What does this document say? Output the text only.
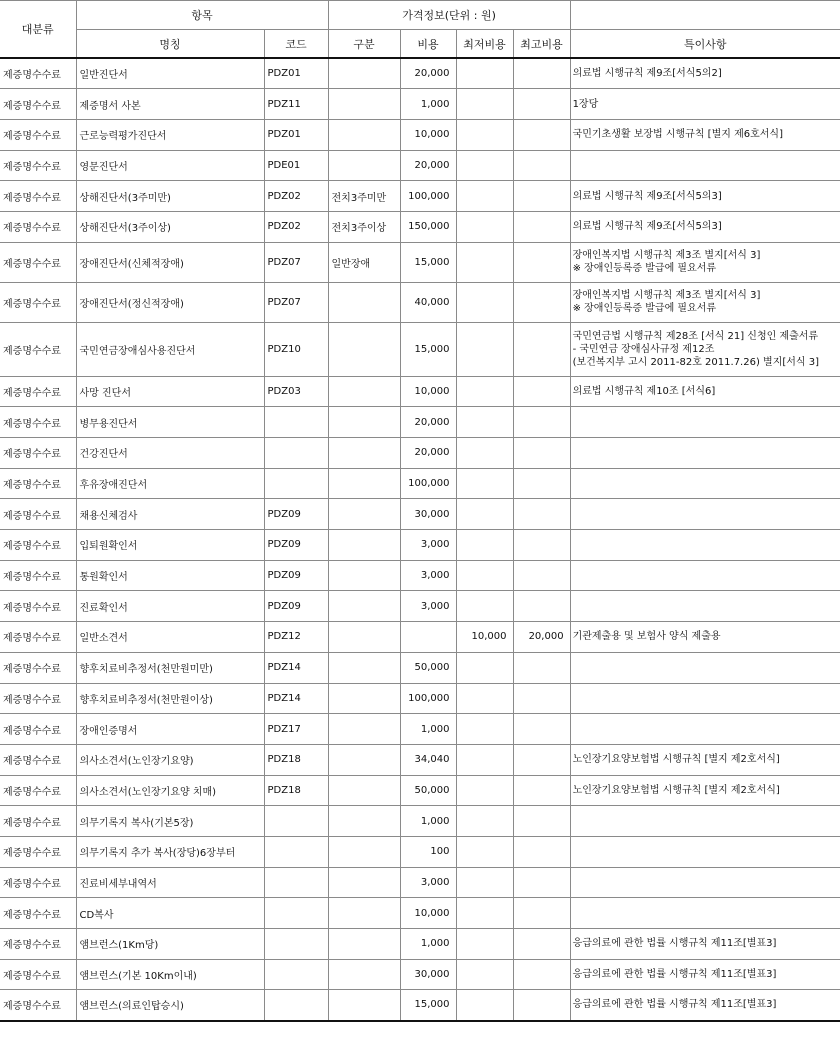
대분류	항목		가격정보(단위 : 원)				
	명칭	코드	구분	비용	최저비용	최고비용	특이사항
제증명수수료	일반진단서	PDZ01		20,000			의료법 시행규칙 제9조[서식5의2]
제증명수수료	제증명서 사본	PDZ11		1,000			1장당
제증명수수료	근로능력평가진단서	PDZ01		10,000			국민기초생활 보장법 시행규칙 [별지 제6호서식]
제증명수수료	영문진단서	PDE01		20,000			
제증명수수료	상해진단서(3주미만)	PDZ02	전치3주미만	100,000			의료법 시행규칙 제9조[서식5의3]
제증명수수료	상해진단서(3주이상)	PDZ02	전치3주이상	150,000			의료법 시행규칙 제9조[서식5의3]
제증명수수료	장애진단서(신체적장애)	PDZ07	일반장애	15,000			장애인복지법 시행규칙 제3조 별지[서식 3]
※ 장애인등록증 발급에 필요서류
제증명수수료	장애진단서(정신적장애)	PDZ07		40,000			장애인복지법 시행규칙 제3조 별지[서식 3]
※ 장애인등록증 발급에 필요서류
제증명수수료	국민연금장애심사용진단서	PDZ10		15,000			국민연금법 시행규칙 제28조 [서식 21] 신청인 제출서류
- 국민연금 장애심사규정 제12조
(보건복지부 고시 2011-82호 2011.7.26) 별지[서식 3]
제증명수수료	사망 진단서	PDZ03		10,000			의료법 시행규칙 제10조 [서식6]
제증명수수료	병무용진단서			20,000			
제증명수수료	건강진단서			20,000			
제증명수수료	후유장애진단서			100,000			
제증명수수료	채용신체검사	PDZ09		30,000			
제증명수수료	입퇴원확인서	PDZ09		3,000			
제증명수수료	통원확인서	PDZ09		3,000			
제증명수수료	진료확인서	PDZ09		3,000			
제증명수수료	일반소견서	PDZ12			10,000	20,000	기관제출용 및 보험사 양식 제출용
제증명수수료	향후치료비추정서(천만원미만)	PDZ14		50,000			
제증명수수료	향후치료비추정서(천만원이상)	PDZ14		100,000			
제증명수수료	장애인증명서	PDZ17		1,000			
제증명수수료	의사소견서(노인장기요양)	PDZ18		34,040			노인장기요양보험법 시행규칙 [별지 제2호서식]
제증명수수료	의사소견서(노인장기요양 치매)	PDZ18		50,000			노인장기요양보험법 시행규칙 [별지 제2호서식]
제증명수수료	의무기록지 복사(기본5장)			1,000			
제증명수수료	의무기록지 추가 복사(장당)6장부터			100			
제증명수수료	진료비세부내역서			3,000			
제증명수수료	CD복사			10,000			
제증명수수료	앰브런스(1Km당)			1,000			응급의료에 관한 법률 시행규칙 제11조[별표3]
제증명수수료	앰브런스(기본 10Km이내)			30,000			응급의료에 관한 법률 시행규칙 제11조[별표3]
제증명수수료	앰브런스(의료인탑승시)			15,000			응급의료에 관한 법률 시행규칙 제11조[별표3]
